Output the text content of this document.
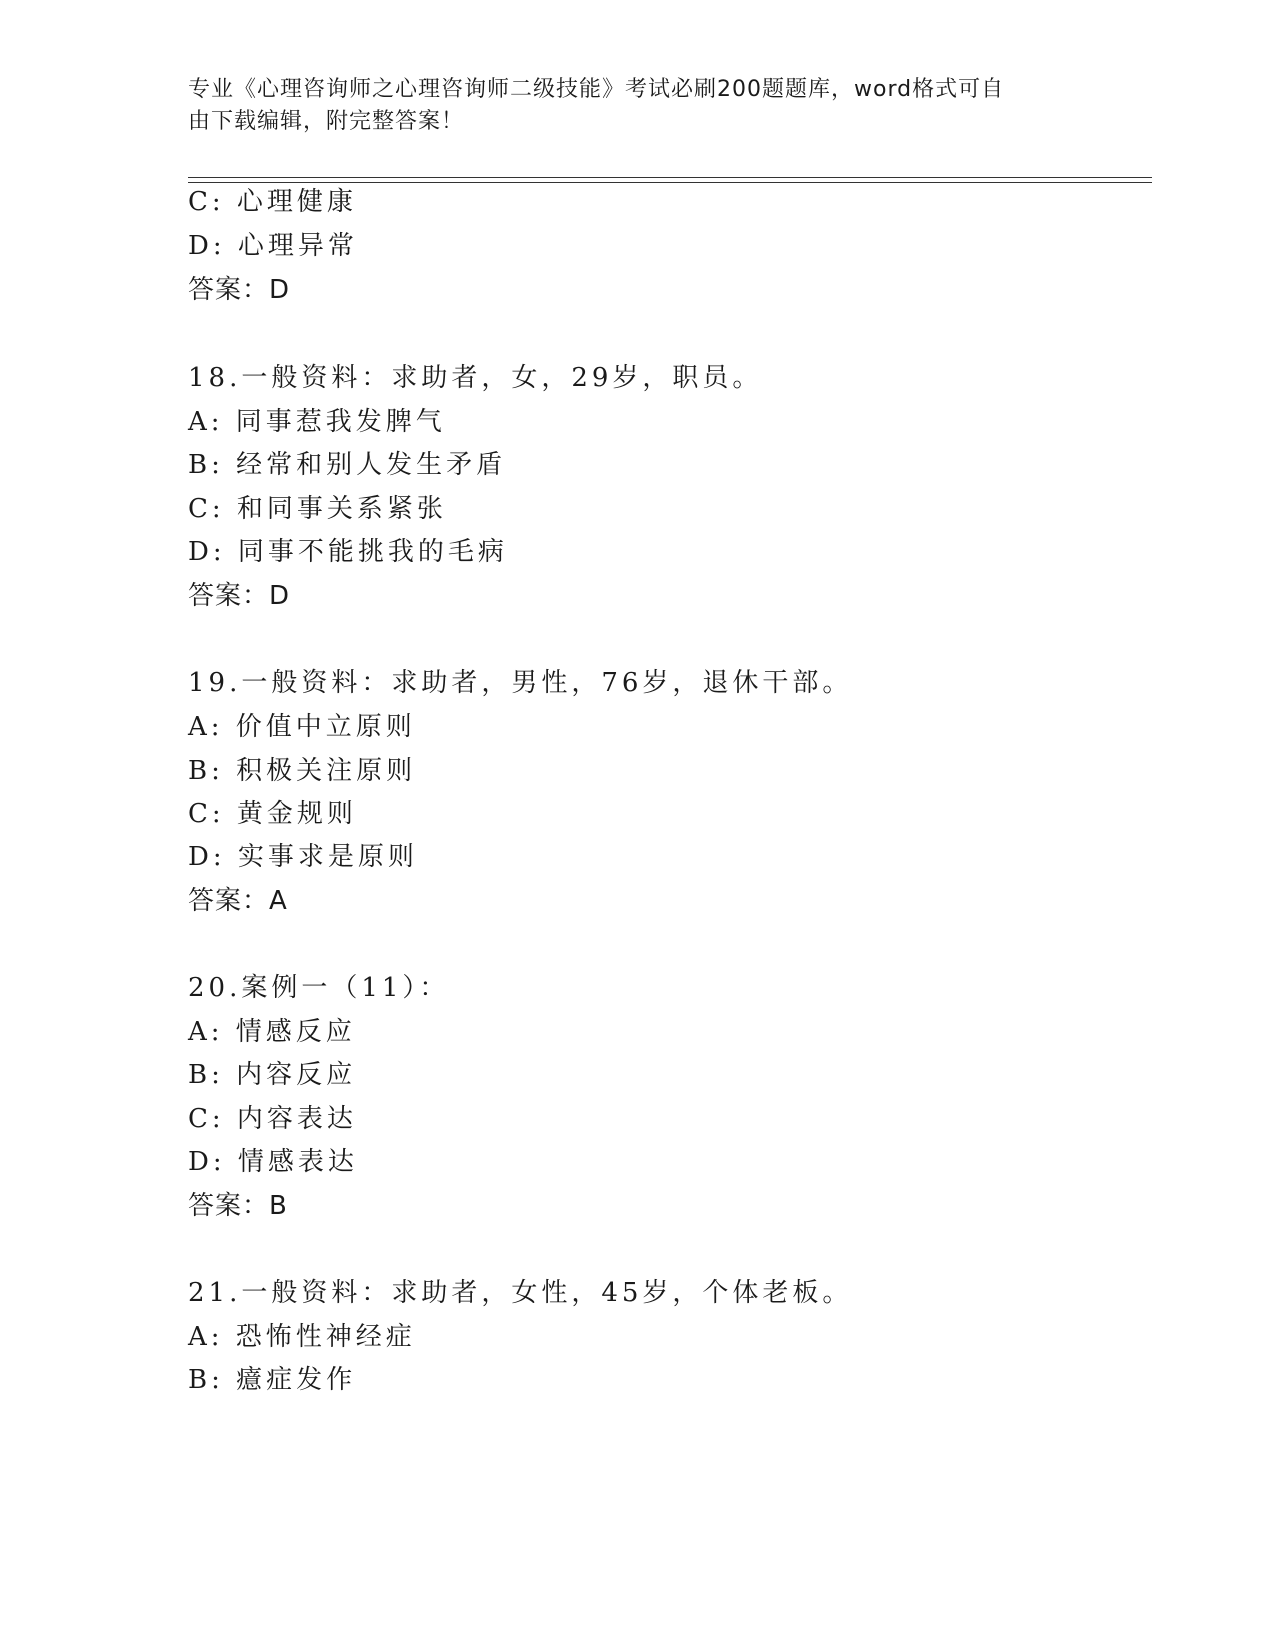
专业《心理咨询师之心理咨询师二级技能》考试必刷200题题库，word格式可自
由下载编辑，附完整答案！
C: 心理健康
D: 心理异常
答案：D
18.一般资料：求助者，女，29岁，职员。
A: 同事惹我发脾气
B: 经常和别人发生矛盾
C: 和同事关系紧张
D: 同事不能挑我的毛病
答案：D
19.一般资料：求助者，男性，76岁，退休干部。
A: 价值中立原则
B: 积极关注原则
C: 黄金规则
D: 实事求是原则
答案：A
20.案例一（11）：
A: 情感反应
B: 内容反应
C: 内容表达
D: 情感表达
答案：B
21.一般资料：求助者，女性，45岁，个体老板。
A: 恐怖性神经症
B: 癔症发作
